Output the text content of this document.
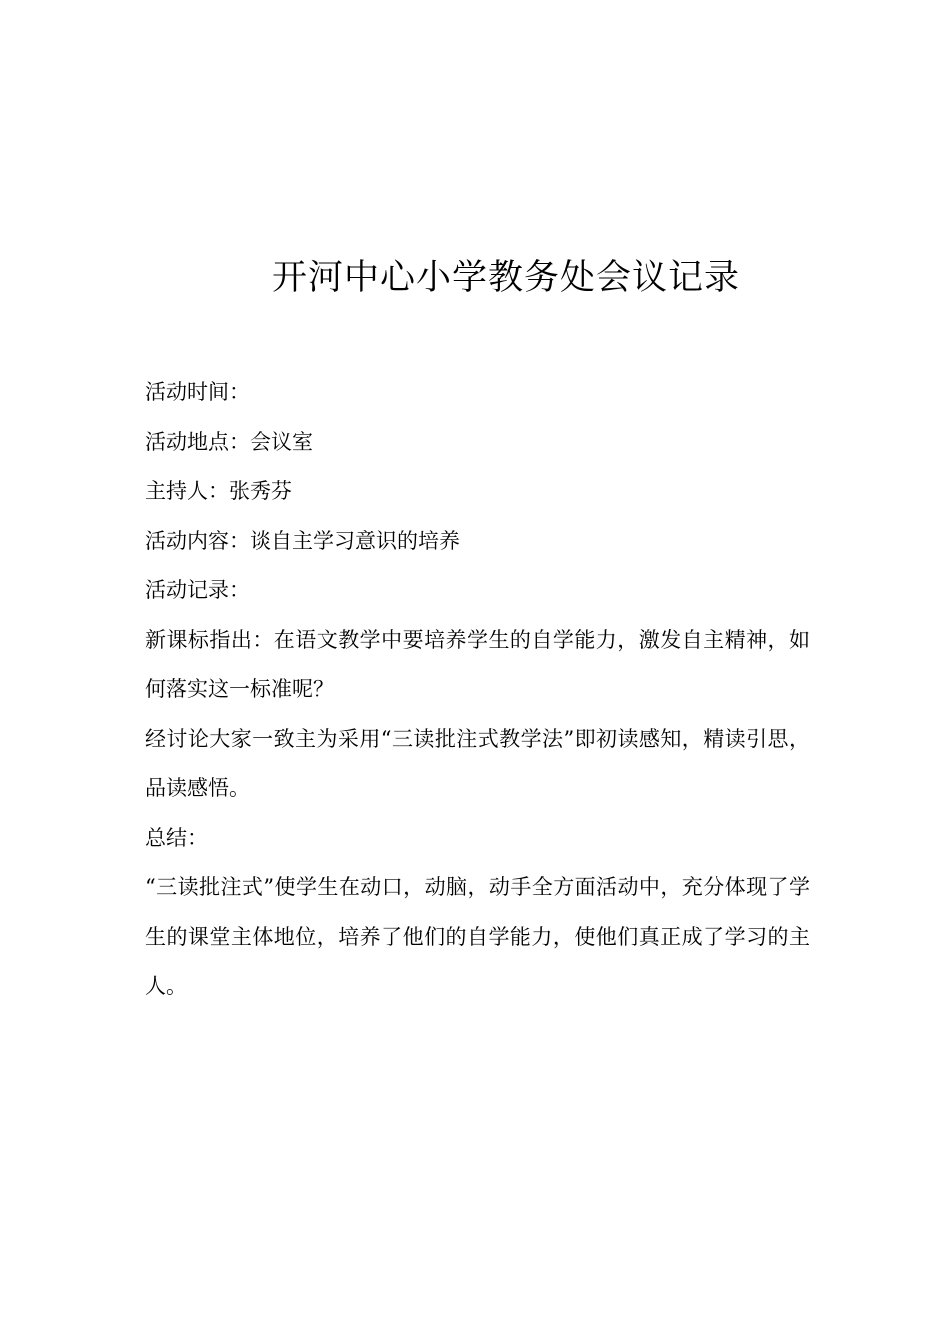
开河中心小学教务处会议记录
活动时间：
活动地点：会议室
主持人：张秀芬
活动内容：谈自主学习意识的培养
活动记录：
新课标指出：在语文教学中要培养学生的自学能力，激发自主精神，如何落实这一标准呢？
经讨论大家一致主为采用“三读批注式教学法”即初读感知，精读引思，品读感悟。
总结：
“三读批注式”使学生在动口，动脑，动手全方面活动中，充分体现了学生的课堂主体地位，培养了他们的自学能力，使他们真正成了学习的主人。
